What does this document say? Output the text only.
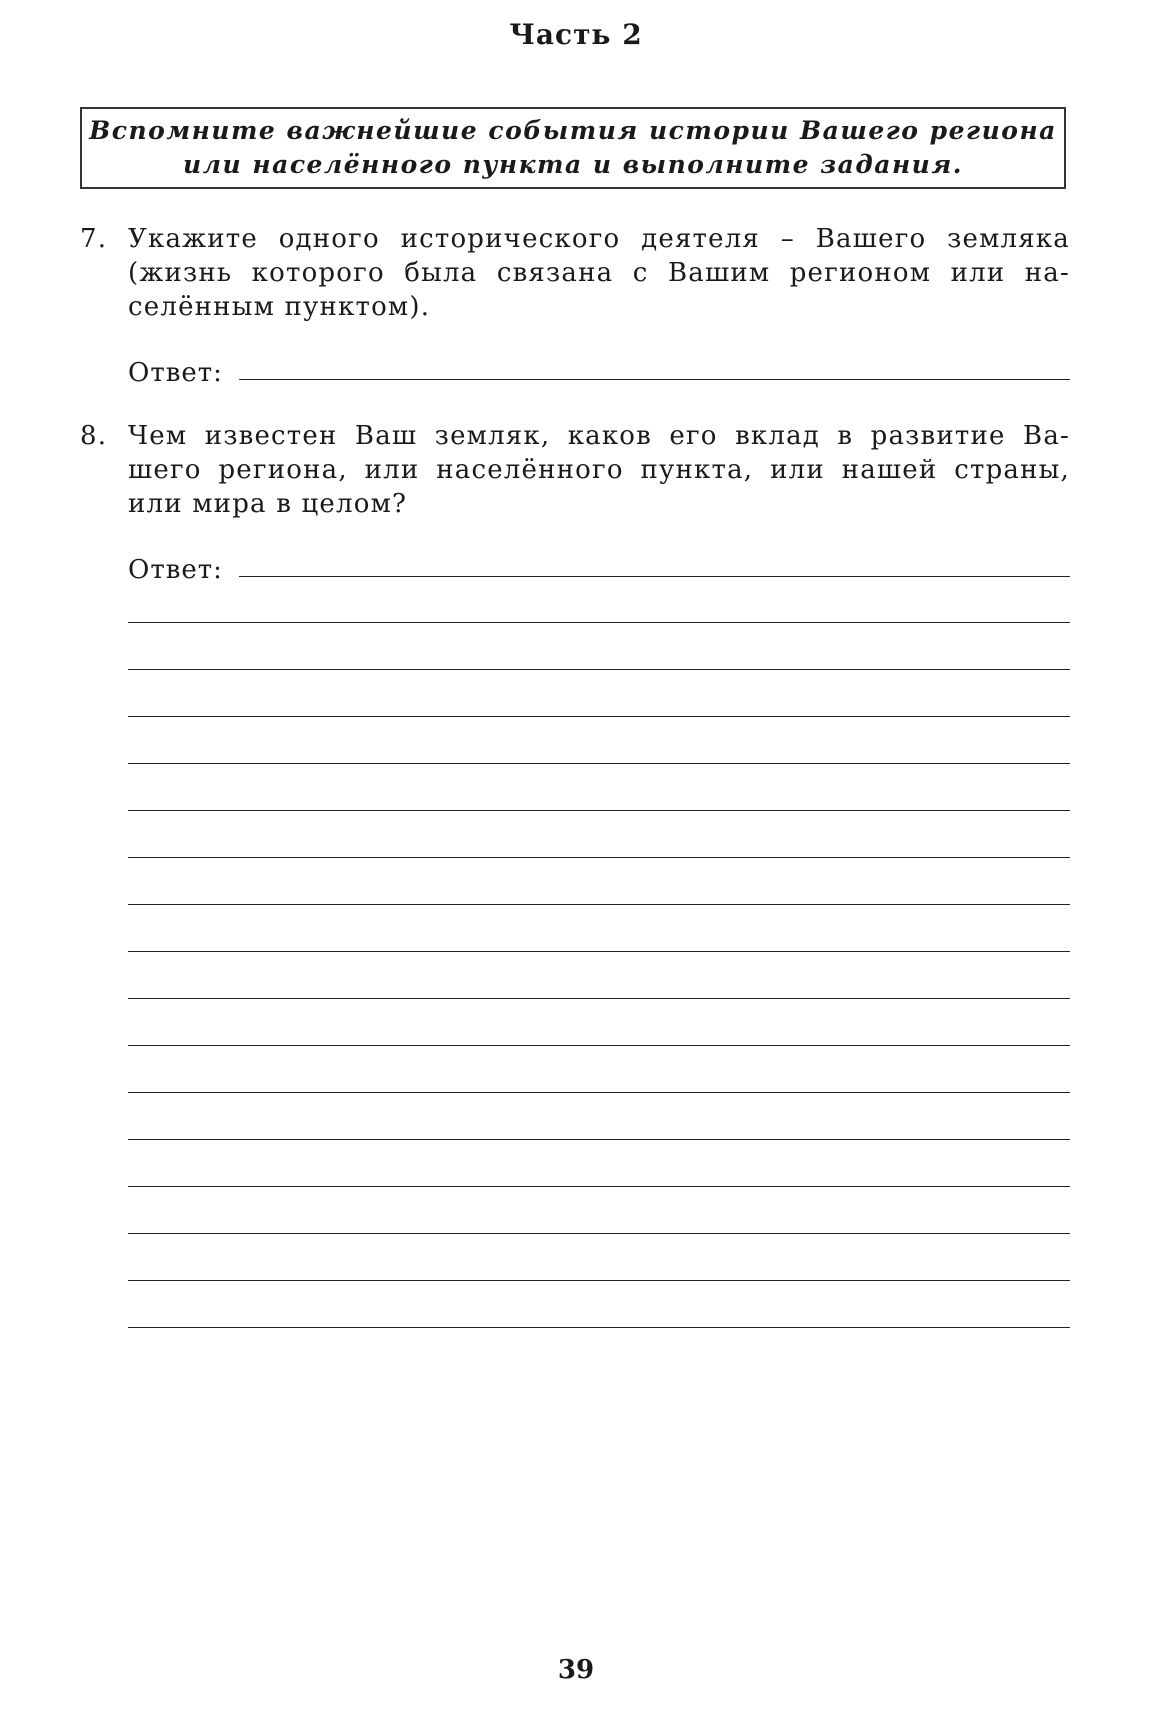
Часть 2
Вспомните важнейшие события истории Вашего региона
или населённого пункта и выполните задания.
7. Укажите одного исторического деятеля – Вашего земляка
(жизнь которого была связана с Вашим регионом или на-
селённым пунктом).
Ответ:
8. Чем известен Ваш земляк, каков его вклад в развитие Ва-
шего региона, или населённого пункта, или нашей страны,
или мира в целом?
Ответ:
39
